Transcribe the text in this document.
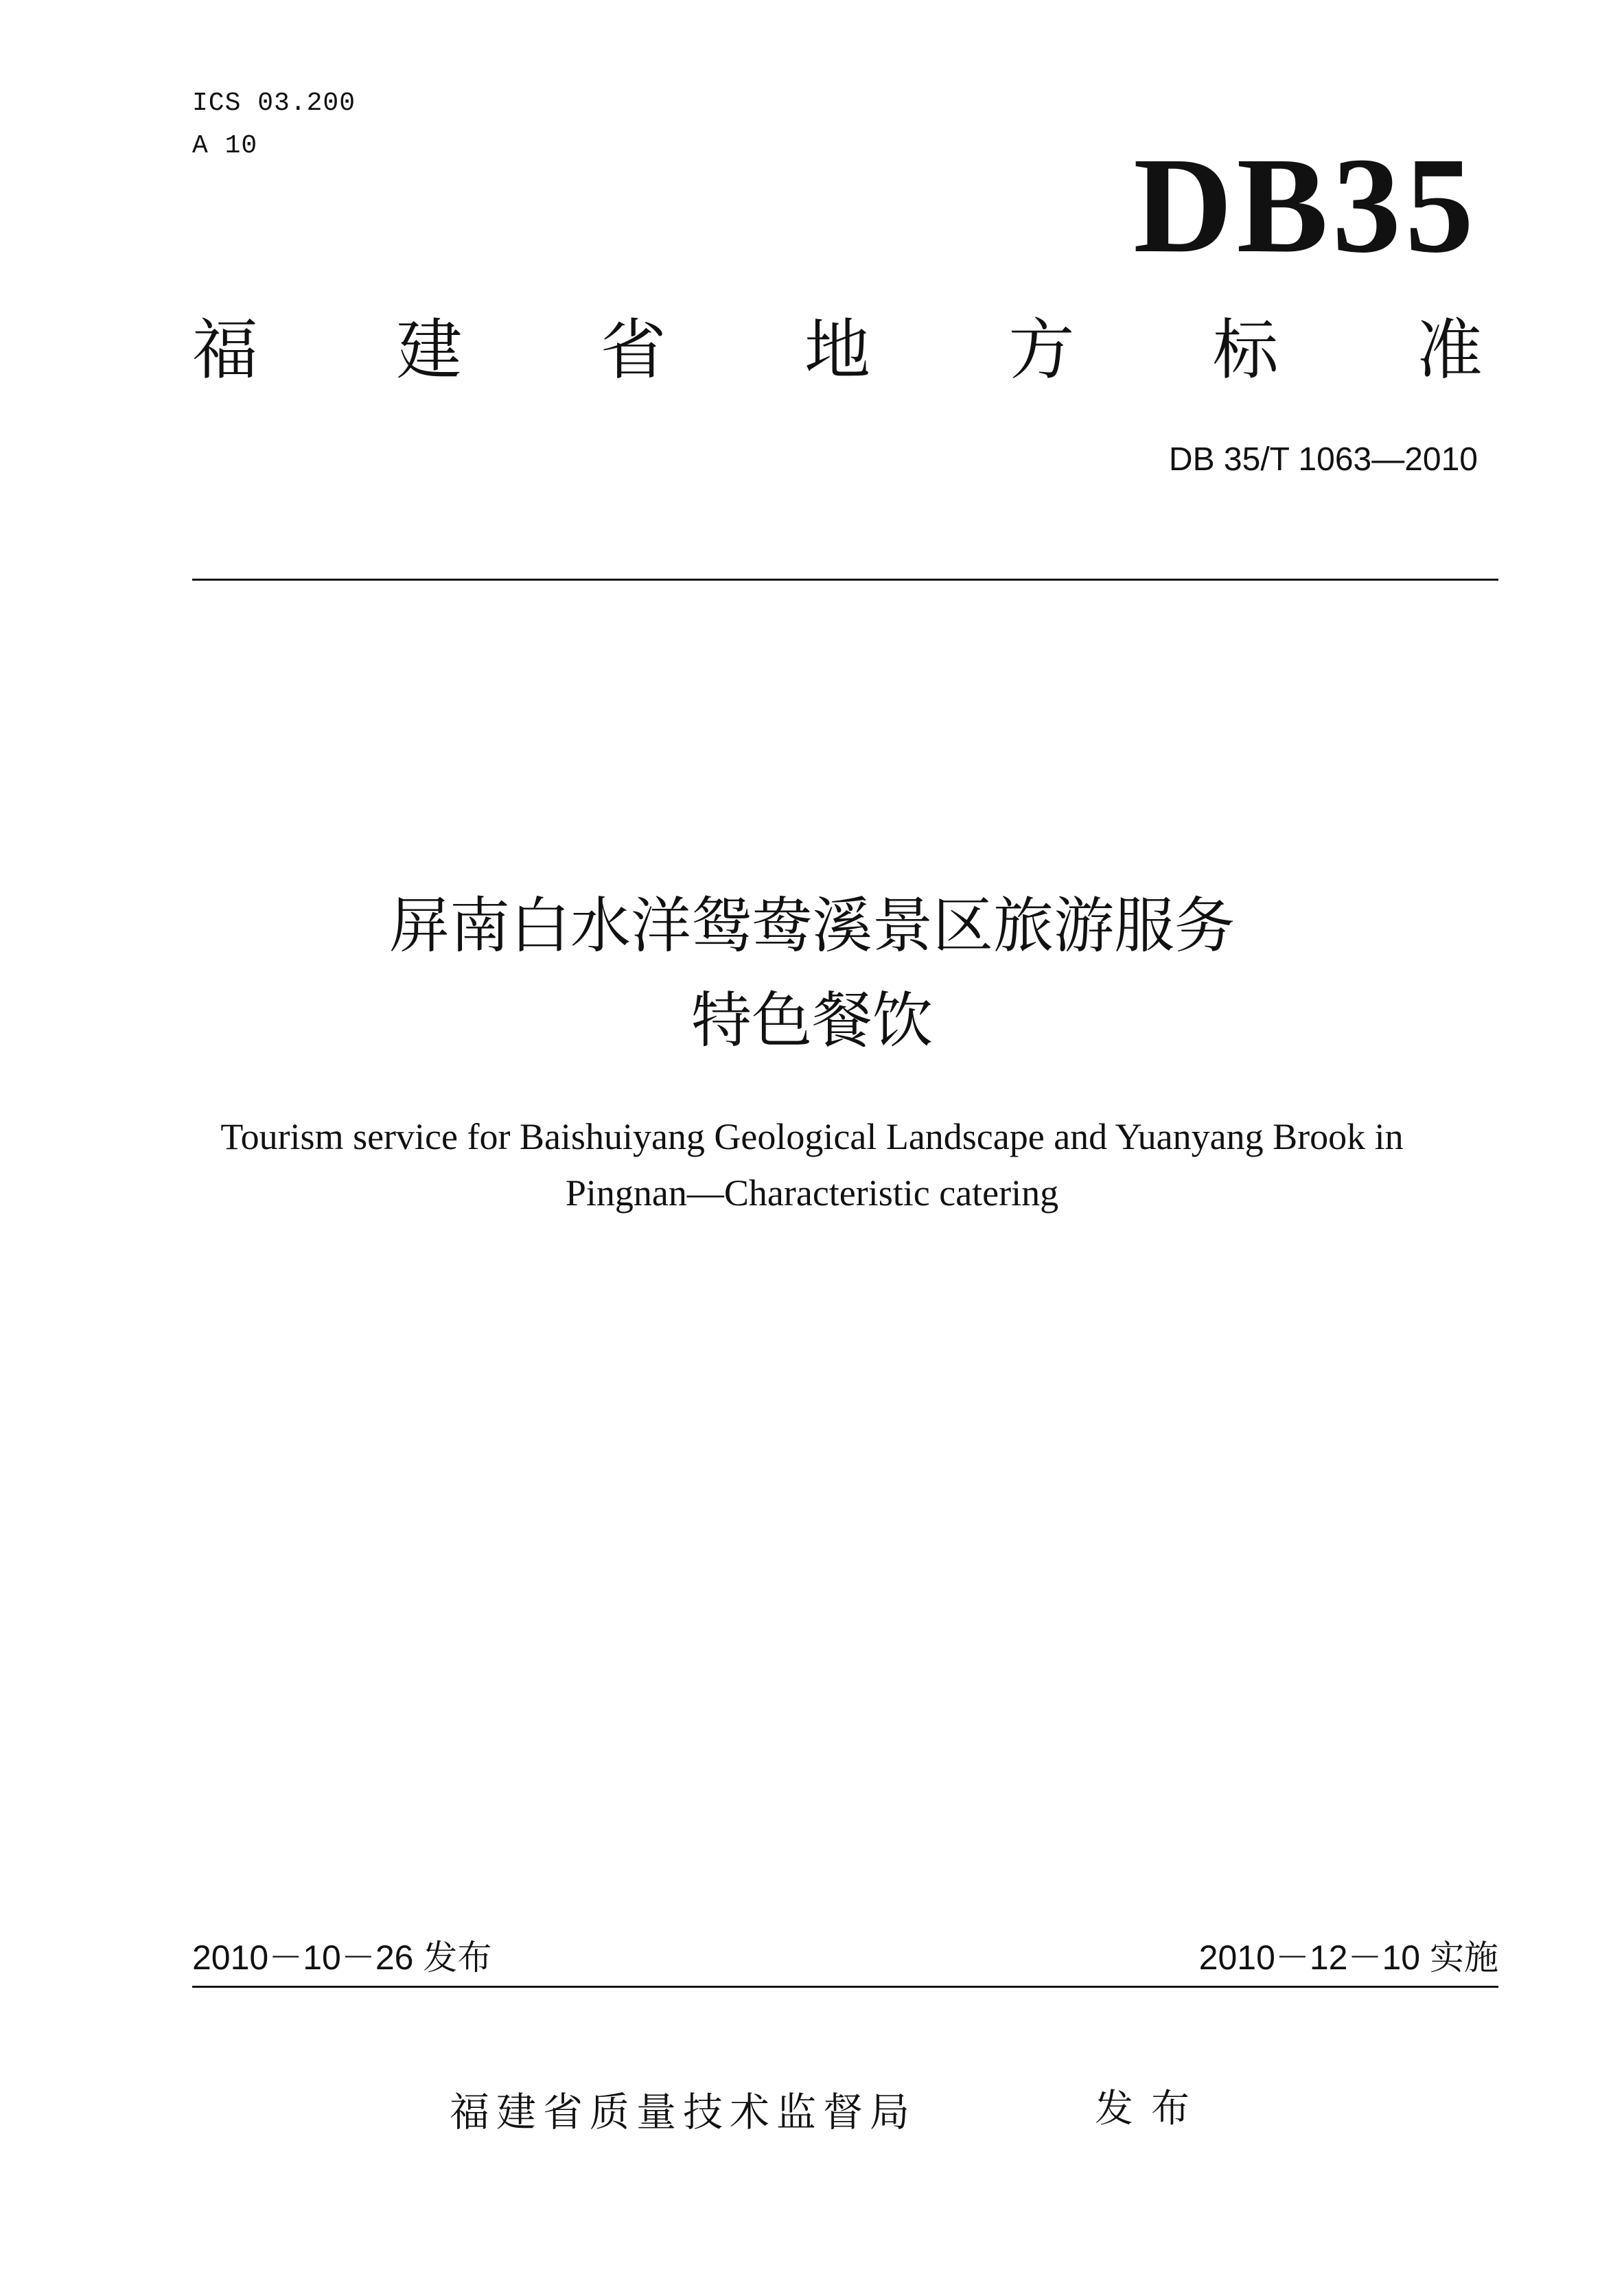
ICS 03.200
A 10	DB35
福 建 省 地 方 标 准
DB 35/T 1063—2010
屏南白水洋鸳鸯溪景区旅游服务
特色餐饮
Tourism service for Baishuiyang Geological Landscape and Yuanyang Brook in
Pingnan—Characteristic catering
2010－10－26 发布	2010－12－10 实施
福建省质量技术监督局	发布
